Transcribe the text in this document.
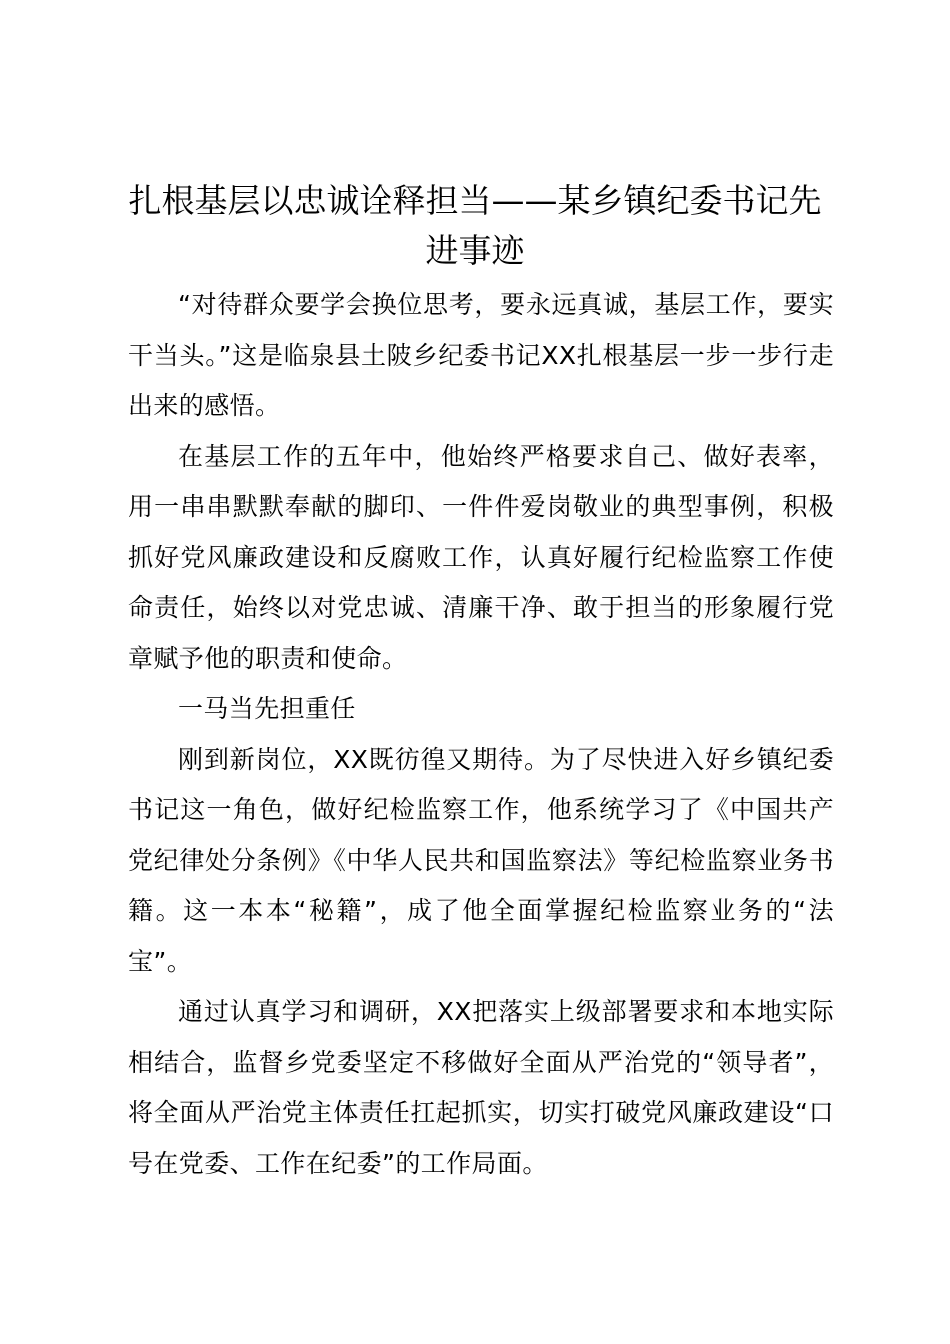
扎根基层以忠诚诠释担当——某乡镇纪委书记先进事迹

“对待群众要学会换位思考，要永远真诚，基层工作，要实干当头。”这是临泉县土陂乡纪委书记XX扎根基层一步一步行走出来的感悟。

在基层工作的五年中，他始终严格要求自己、做好表率，用一串串默默奉献的脚印、一件件爱岗敬业的典型事例，积极抓好党风廉政建设和反腐败工作，认真好履行纪检监察工作使命责任，始终以对党忠诚、清廉干净、敢于担当的形象履行党章赋予他的职责和使命。

一马当先担重任

刚到新岗位，XX既彷徨又期待。为了尽快进入好乡镇纪委书记这一角色，做好纪检监察工作，他系统学习了《中国共产党纪律处分条例》《中华人民共和国监察法》等纪检监察业务书籍。这一本本“秘籍”，成了他全面掌握纪检监察业务的“法宝”。

通过认真学习和调研，XX把落实上级部署要求和本地实际相结合，监督乡党委坚定不移做好全面从严治党的“领导者”，将全面从严治党主体责任扛起抓实，切实打破党风廉政建设“口号在党委、工作在纪委”的工作局面。
